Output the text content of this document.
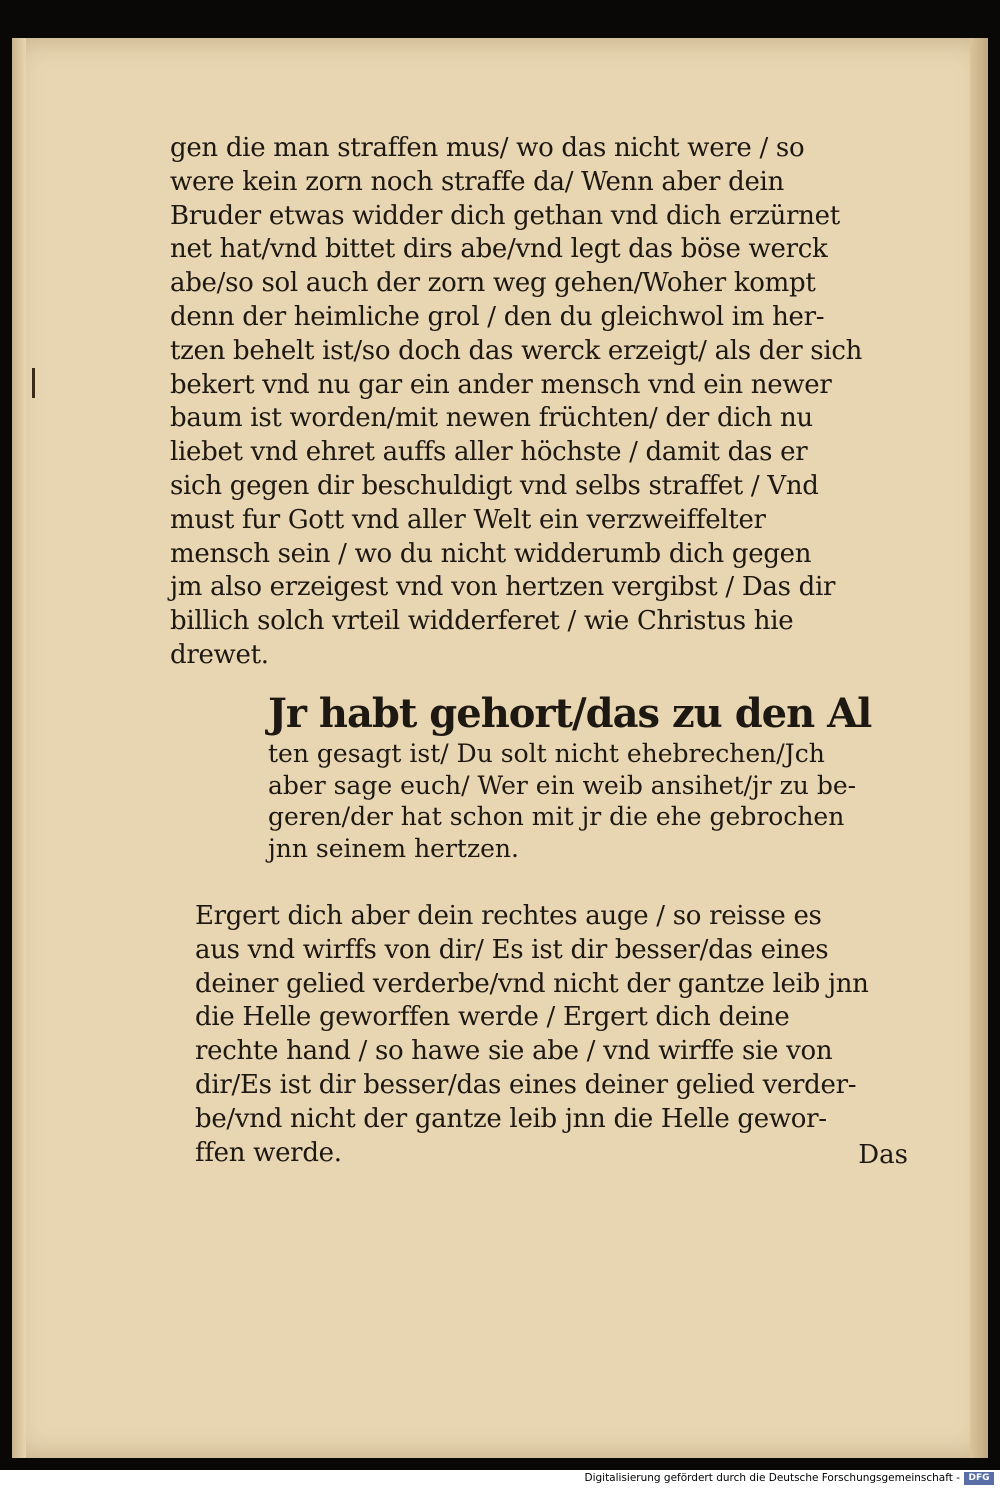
gen die man straffen mus/ wo das nicht were / so
were kein zorn noch straffe da/ Wenn aber dein
Bruder etwas widder dich gethan vnd dich erzürnet
net hat/vnd bittet dirs abe/vnd legt das böse werck
abe/so sol auch der zorn weg gehen/Woher kompt
denn der heimliche grol / den du gleichwol im her-
tzen behelt ist/so doch das werck erzeigt/ als der sich
bekert vnd nu gar ein ander mensch vnd ein newer
baum ist worden/mit newen früchten/ der dich nu
liebet vnd ehret auffs aller höchste / damit das er
sich gegen dir beschuldigt vnd selbs straffet / Vnd
must fur Gott vnd aller Welt ein verzweiffelter
mensch sein / wo du nicht widderumb dich gegen
jm also erzeigest vnd von hertzen vergibst / Das dir
billich solch vrteil widderferet / wie Christus hie
drewet.
Jr habt gehort/das zu den Al
ten gesagt ist/ Du solt nicht ehebrechen/Jch
aber sage euch/ Wer ein weib ansihet/jr zu be-
geren/der hat schon mit jr die ehe gebrochen
jnn seinem hertzen.
Ergert dich aber dein rechtes auge / so reisse es
aus vnd wirffs von dir/ Es ist dir besser/das eines
deiner gelied verderbe/vnd nicht der gantze leib jnn
die Helle geworffen werde / Ergert dich deine
rechte hand / so hawe sie abe / vnd wirffe sie von
dir/Es ist dir besser/das eines deiner gelied verder-
be/vnd nicht der gantze leib jnn die Helle gewor-
ffen werde.	Das
Digitalisierung gefördert durch die Deutsche Forschungsgemeinschaft - DFG
